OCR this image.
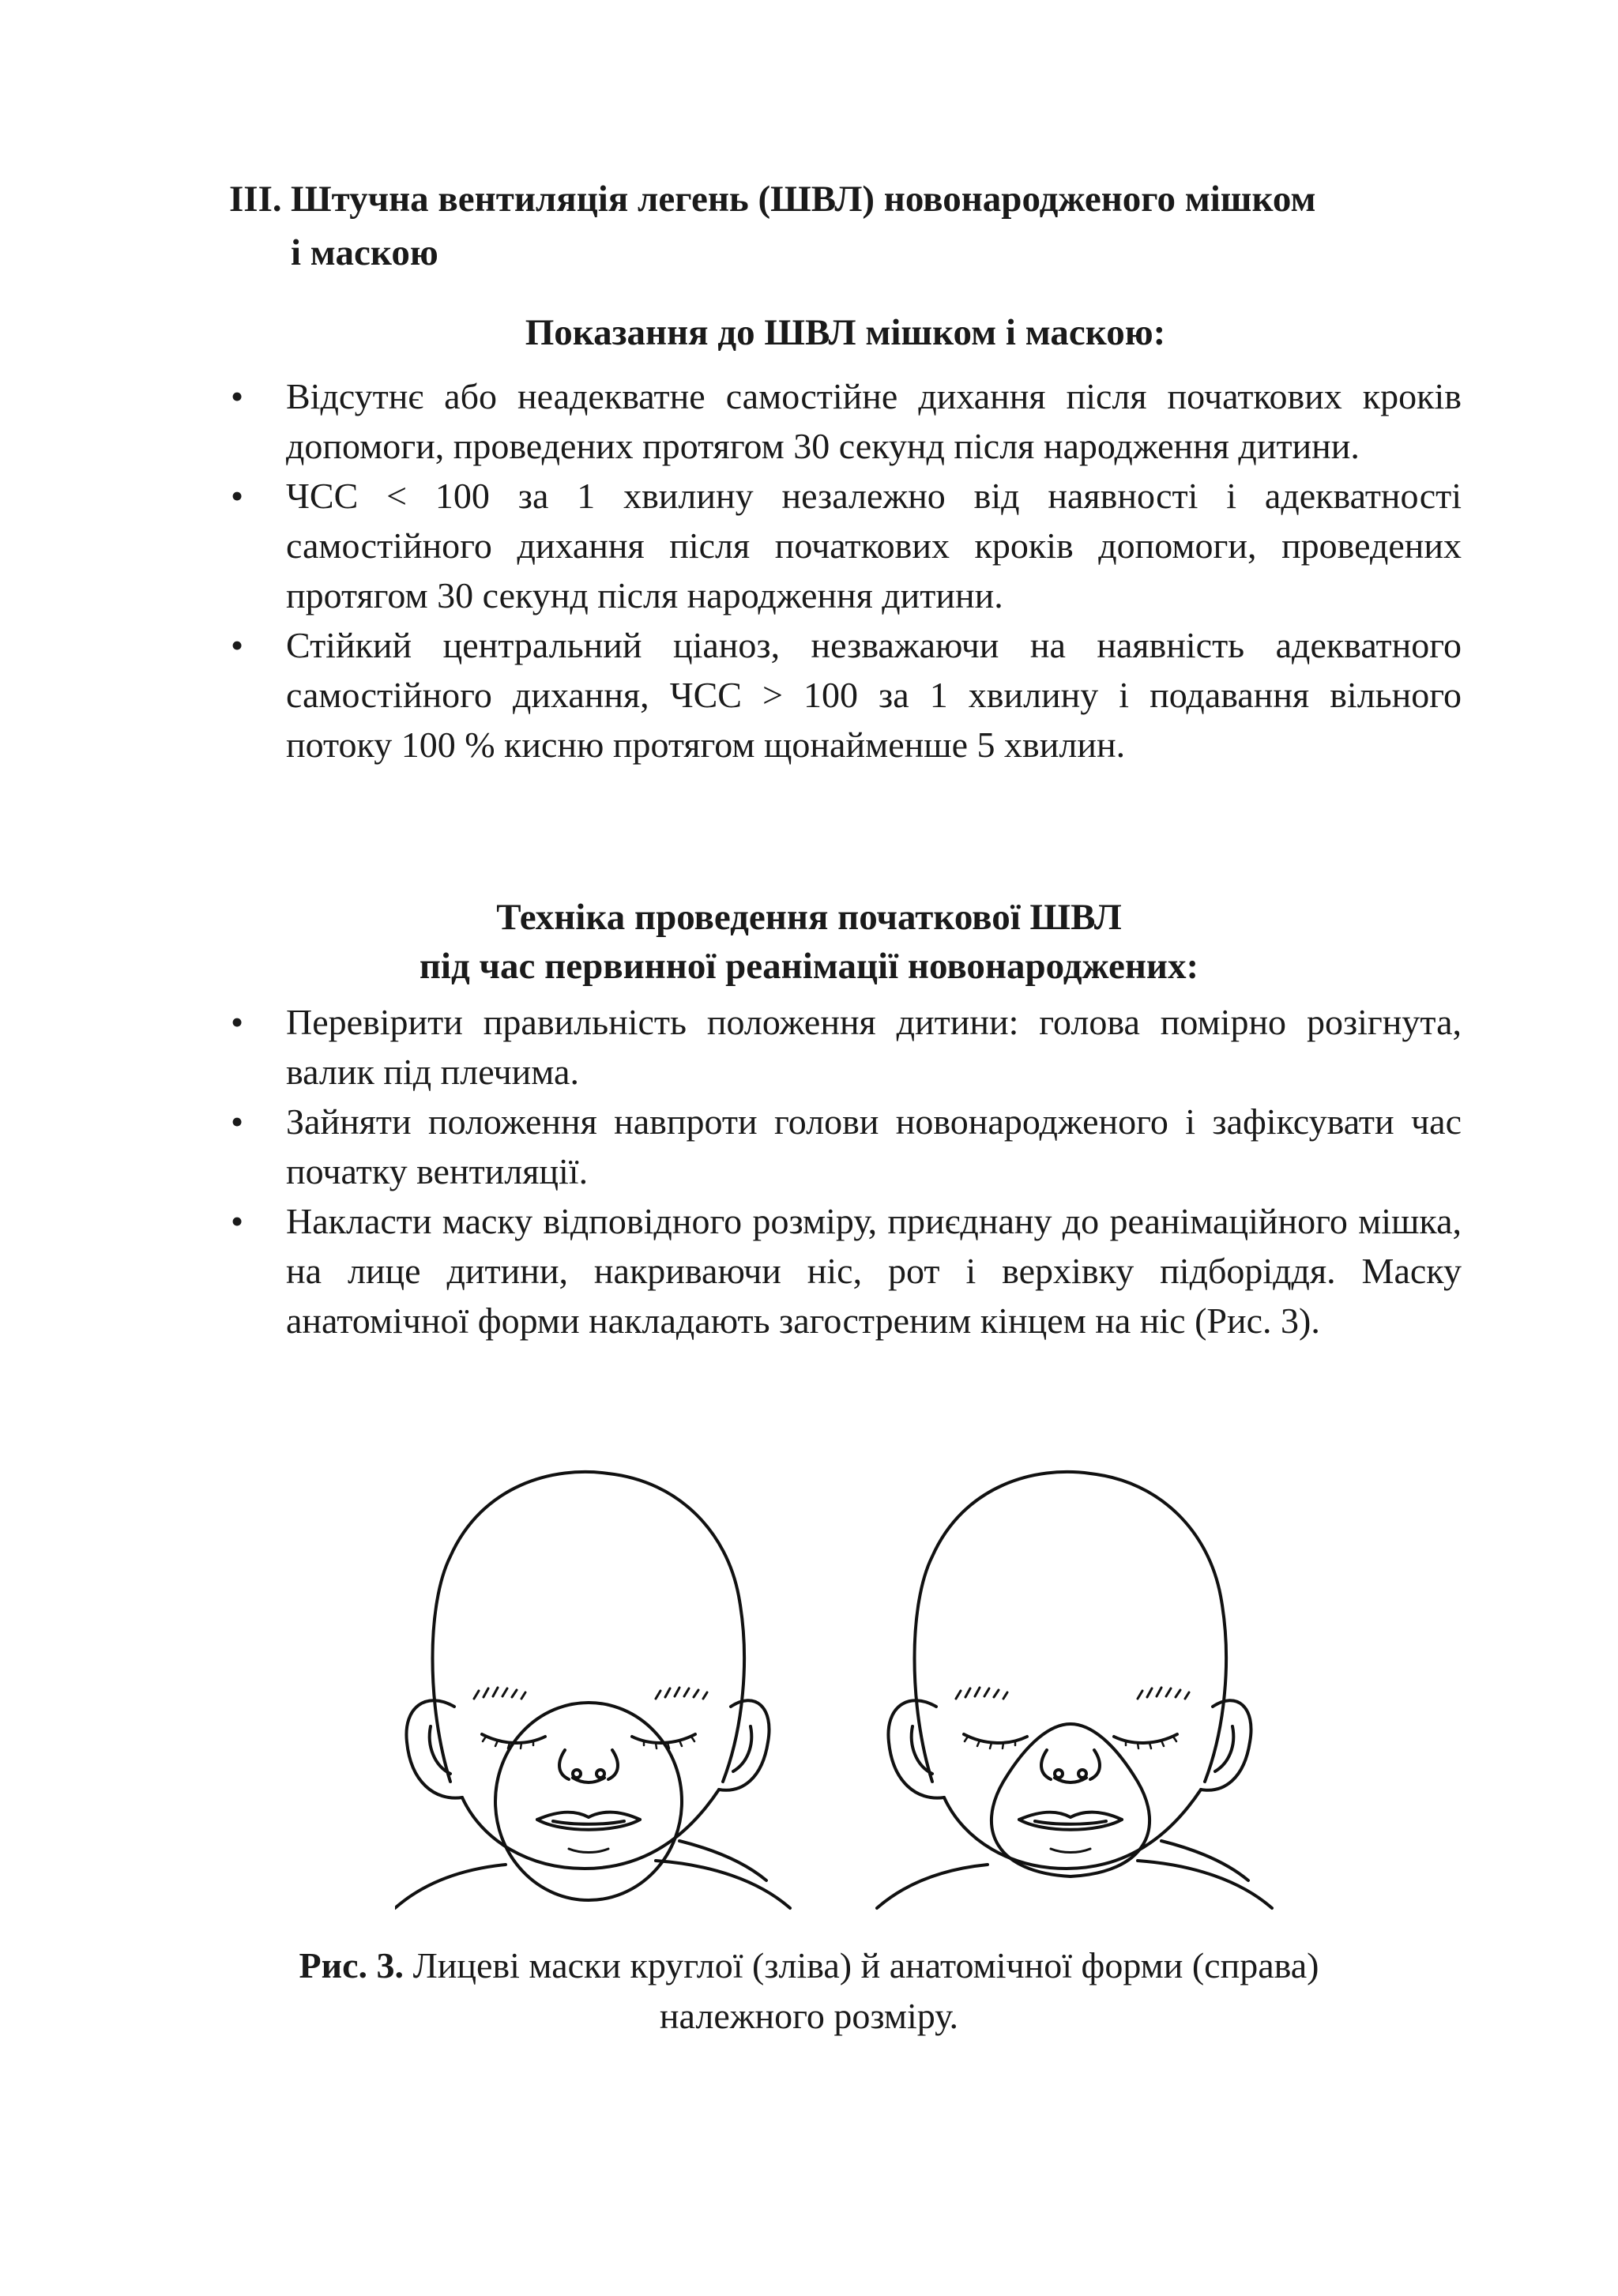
III. Штучна вентиляція легень (ШВЛ) новонародженого мішком
і маскою
Показання до ШВЛ мішком і маскою:
• Відсутнє або неадекватне самостійне дихання після початкових кроків допомоги, проведених протягом 30 секунд після народження дитини.
• ЧСС < 100 за 1 хвилину незалежно від наявності і адекватності самостійного дихання після початкових кроків допомоги, проведених протягом 30 секунд після народження дитини.
• Стійкий центральний ціаноз, незважаючи на наявність адекватного самостійного дихання, ЧСС > 100 за 1 хвилину і подавання вільного потоку 100 % кисню протягом щонайменше 5 хвилин.
Техніка проведення початкової ШВЛ
під час первинної реанімації новонароджених:
• Перевірити правильність положення дитини: голова помірно розігнута, валик під плечима.
• Зайняти положення навпроти голови новонародженого і зафіксувати час початку вентиляції.
• Накласти маску відповідного розміру, приєднану до реанімаційного мішка, на лице дитини, накриваючи ніс, рот і верхівку підборіддя. Маску анатомічної форми накладають загостреним кінцем на ніс (Рис. 3).
Рис. 3. Лицеві маски круглої (зліва) й анатомічної форми (справа)
належного розміру.
